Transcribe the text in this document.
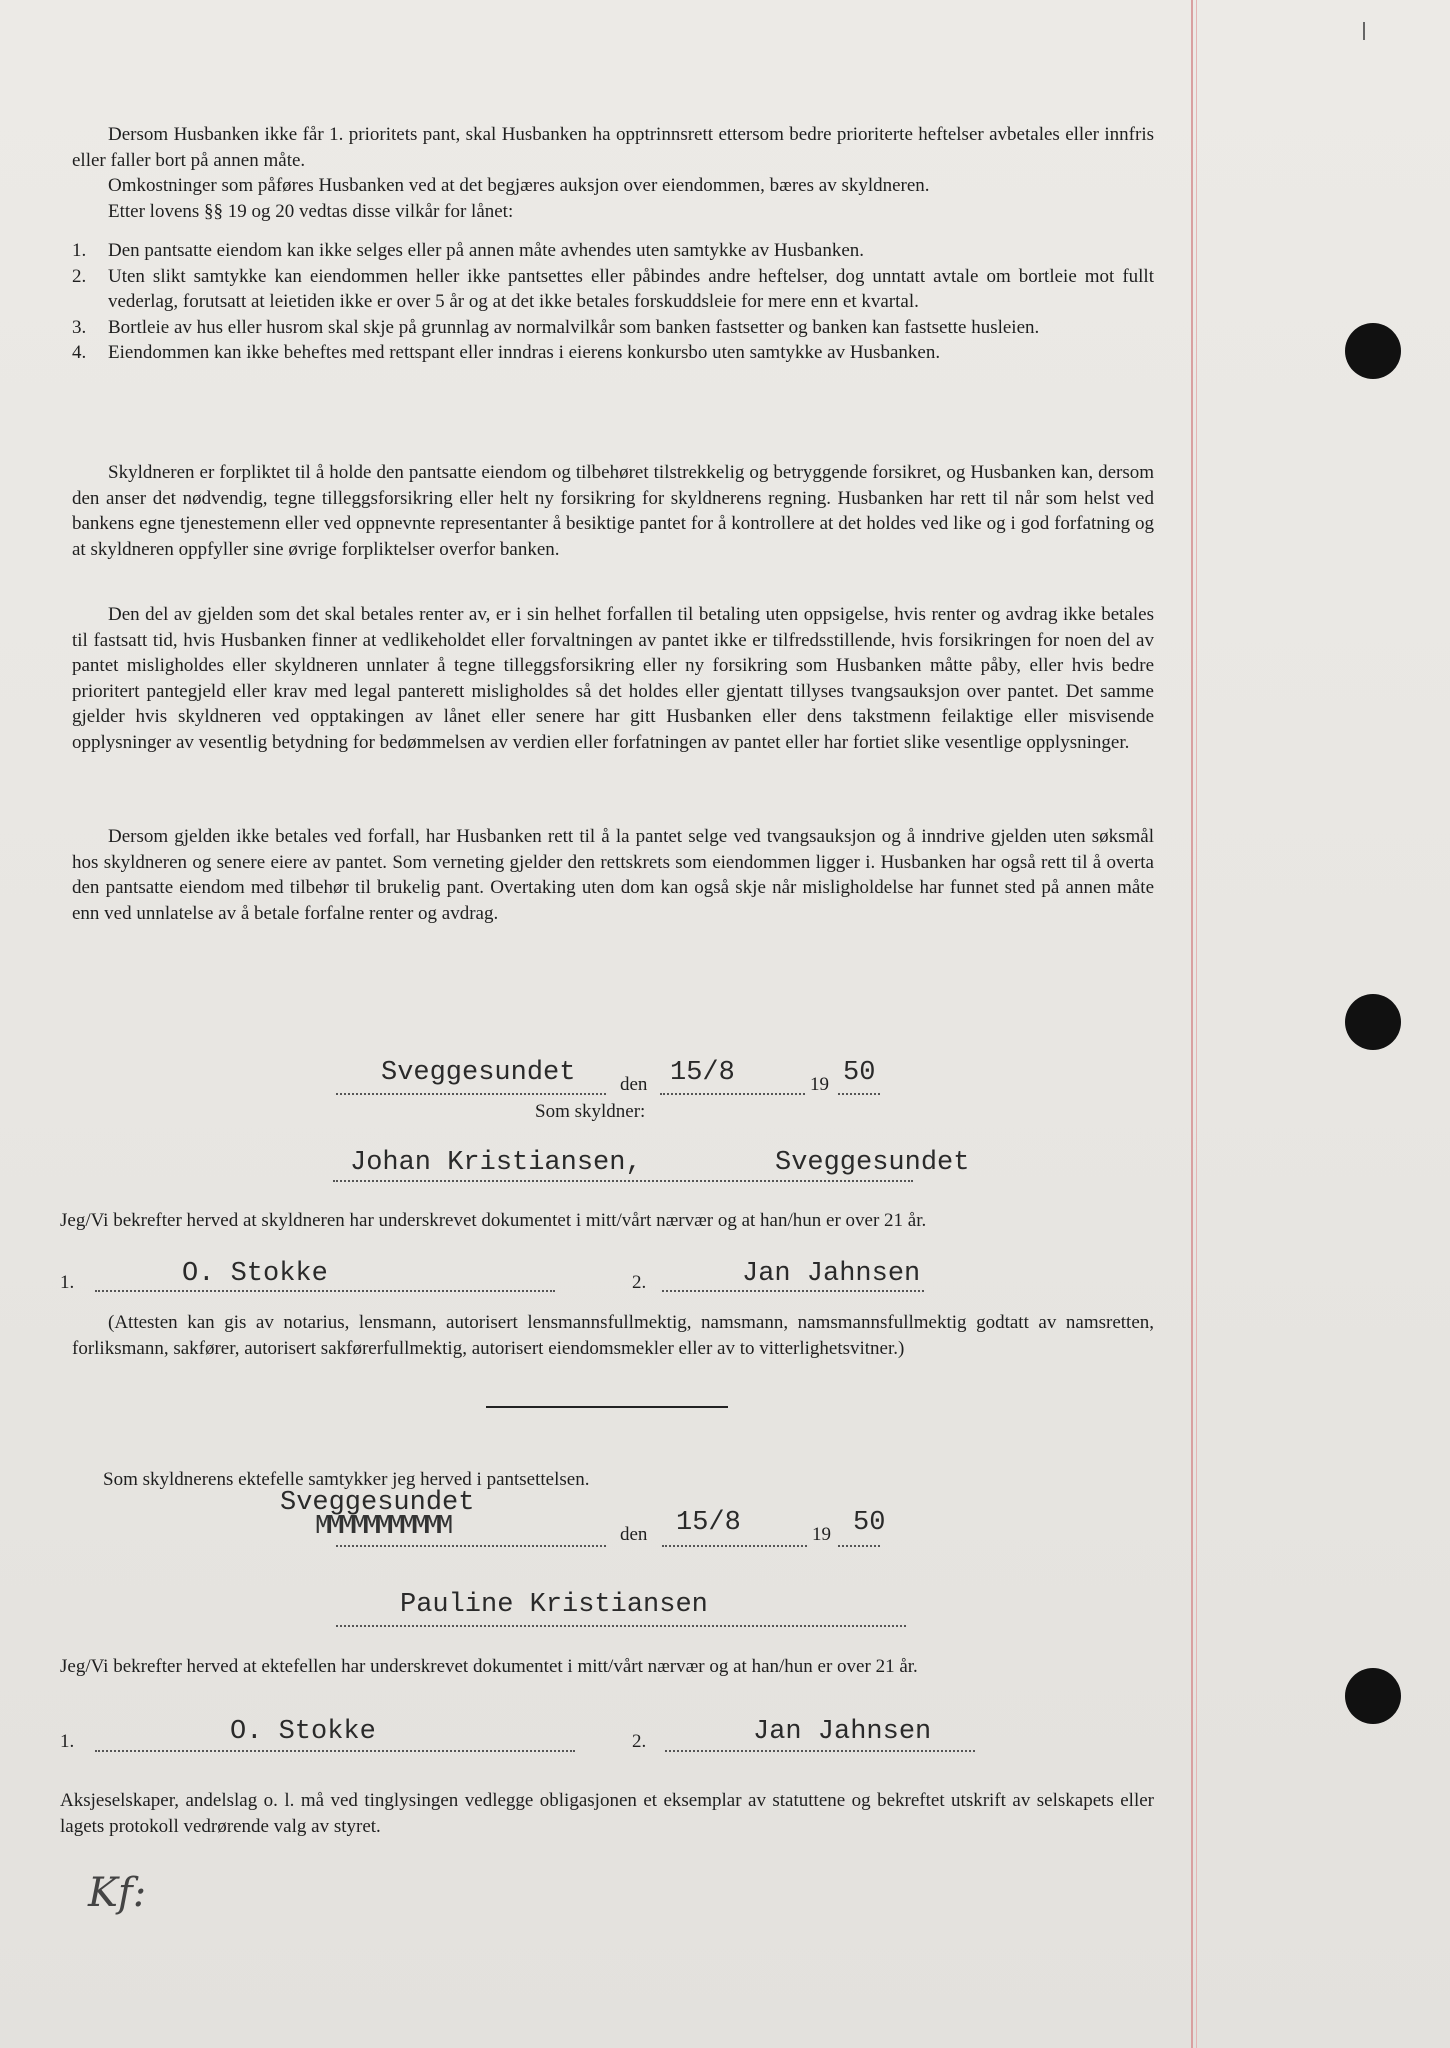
Dersom Husbanken ikke får 1. prioritets pant, skal Husbanken ha opptrinnsrett ettersom bedre prioriterte heftelser avbetales eller innfris eller faller bort på annen måte.
Omkostninger som påføres Husbanken ved at det begjæres auksjon over eiendommen, bæres av skyldneren.
Etter lovens §§ 19 og 20 vedtas disse vilkår for lånet:
1.	Den pantsatte eiendom kan ikke selges eller på annen måte avhendes uten samtykke av Husbanken.
2.	Uten slikt samtykke kan eiendommen heller ikke pantsettes eller påbindes andre heftelser, dog unntatt avtale om bortleie mot fullt vederlag, forutsatt at leietiden ikke er over 5 år og at det ikke betales forskuddsleie for mere enn et kvartal.
3.	Bortleie av hus eller husrom skal skje på grunnlag av normalvilkår som banken fastsetter og banken kan fastsette husleien.
4.	Eiendommen kan ikke beheftes med rettspant eller inndras i eierens konkursbo uten samtykke av Husbanken.
Skyldneren er forpliktet til å holde den pantsatte eiendom og tilbehøret tilstrekkelig og betryggende forsikret, og Husbanken kan, dersom den anser det nødvendig, tegne tilleggsforsikring eller helt ny forsikring for skyldnerens regning. Husbanken har rett til når som helst ved bankens egne tjenestemenn eller ved oppnevnte representanter å besiktige pantet for å kontrollere at det holdes ved like og i god forfatning og at skyldneren oppfyller sine øvrige forpliktelser overfor banken.
Den del av gjelden som det skal betales renter av, er i sin helhet forfallen til betaling uten oppsigelse, hvis renter og avdrag ikke betales til fastsatt tid, hvis Husbanken finner at vedlikeholdet eller forvaltningen av pantet ikke er tilfredsstillende, hvis forsikringen for noen del av pantet misligholdes eller skyldneren unnlater å tegne tilleggsforsikring eller ny forsikring som Husbanken måtte påby, eller hvis bedre prioritert pantegjeld eller krav med legal panterett misligholdes så det holdes eller gjentatt tillyses tvangsauksjon over pantet. Det samme gjelder hvis skyldneren ved opptakingen av lånet eller senere har gitt Husbanken eller dens takstmenn feilaktige eller misvisende opplysninger av vesentlig betydning for bedømmelsen av verdien eller forfatningen av pantet eller har fortiet slike vesentlige opplysninger.
Dersom gjelden ikke betales ved forfall, har Husbanken rett til å la pantet selge ved tvangsauksjon og å inndrive gjelden uten søksmål hos skyldneren og senere eiere av pantet. Som verneting gjelder den rettskrets som eiendommen ligger i. Husbanken har også rett til å overta den pantsatte eiendom med tilbehør til brukelig pant. Overtaking uten dom kan også skje når misligholdelse har funnet sted på annen måte enn ved unnlatelse av å betale forfalne renter og avdrag.
Sveggesundet den 15/8	19 50
Som skyldner:
Johan Kristiansen,	Sveggesundet
Jeg/Vi bekrefter herved at skyldneren har underskrevet dokumentet i mitt/vårt nærvær og at han/hun er over 21 år.
1.	O. Stokke	2.	Jan Jahnsen
(Attesten kan gis av notarius, lensmann, autorisert lensmannsfullmektig, namsmann, namsmannsfullmektig godtatt av namsretten, forliksmann, sakfører, autorisert sakførerfullmektig, autorisert eiendomsmekler eller av to vitterlighetsvitner.)
Som skyldnerens ektefelle samtykker jeg herved i pantsettelsen.
Sveggesundet
MMMMMMMMMMM	den 15/8	19 50
Pauline Kristiansen
Jeg/Vi bekrefter herved at ektefellen har underskrevet dokumentet i mitt/vårt nærvær og at han/hun er over 21 år.
1.	O. Stokke	2.	Jan Jahnsen
Aksjeselskaper, andelslag o. l. må ved tinglysingen vedlegge obligasjonen et eksemplar av statuttene og bekreftet utskrift av selskapets eller lagets protokoll vedrørende valg av styret.
Kf:
